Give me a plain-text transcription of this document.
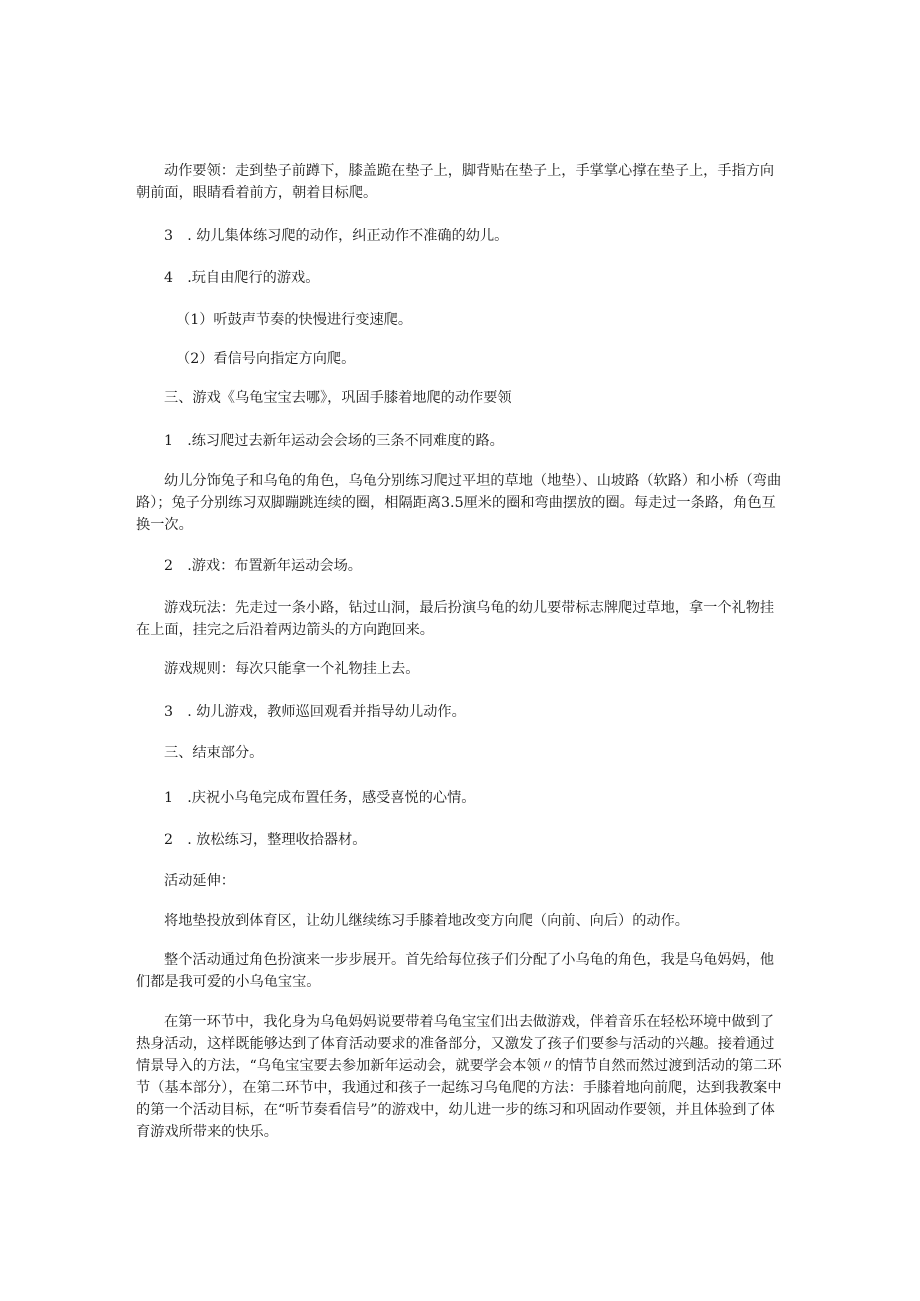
动作要领：走到垫子前蹲下，膝盖跪在垫子上，脚背贴在垫子上，手掌掌心撑在垫子上，手指方向朝前面，眼睛看着前方，朝着目标爬。

3　. 幼儿集体练习爬的动作，纠正动作不准确的幼儿。

4　.玩自由爬行的游戏。

（1）听鼓声节奏的快慢进行变速爬。

（2）看信号向指定方向爬。

三、游戏《乌龟宝宝去哪》，巩固手膝着地爬的动作要领

1　.练习爬过去新年运动会会场的三条不同难度的路。

幼儿分饰兔子和乌龟的角色，乌龟分别练习爬过平坦的草地（地垫）、山坡路（软路）和小桥（弯曲路）；兔子分别练习双脚蹦跳连续的圈，相隔距离3.5厘米的圈和弯曲摆放的圈。每走过一条路，角色互换一次。

2　.游戏：布置新年运动会场。

游戏玩法：先走过一条小路，钻过山洞，最后扮演乌龟的幼儿要带标志牌爬过草地，拿一个礼物挂在上面，挂完之后沿着两边箭头的方向跑回来。

游戏规则：每次只能拿一个礼物挂上去。

3　. 幼儿游戏，教师巡回观看并指导幼儿动作。

三、结束部分。

1　.庆祝小乌龟完成布置任务，感受喜悦的心情。

2　. 放松练习，整理收拾器材。

活动延伸：

将地垫投放到体育区，让幼儿继续练习手膝着地改变方向爬（向前、向后）的动作。

整个活动通过角色扮演来一步步展开。首先给每位孩子们分配了小乌龟的角色，我是乌龟妈妈，他们都是我可爱的小乌龟宝宝。

在第一环节中，我化身为乌龟妈妈说要带着乌龟宝宝们出去做游戏，伴着音乐在轻松环境中做到了热身活动，这样既能够达到了体育活动要求的准备部分，又激发了孩子们要参与活动的兴趣。接着通过情景导入的方法，“乌龟宝宝要去参加新年运动会，就要学会本领〃的情节自然而然过渡到活动的第二环节（基本部分），在第二环节中，我通过和孩子一起练习乌龟爬的方法：手膝着地向前爬，达到我教案中的第一个活动目标，在“听节奏看信号”的游戏中，幼儿进一步的练习和巩固动作要领，并且体验到了体育游戏所带来的快乐。
